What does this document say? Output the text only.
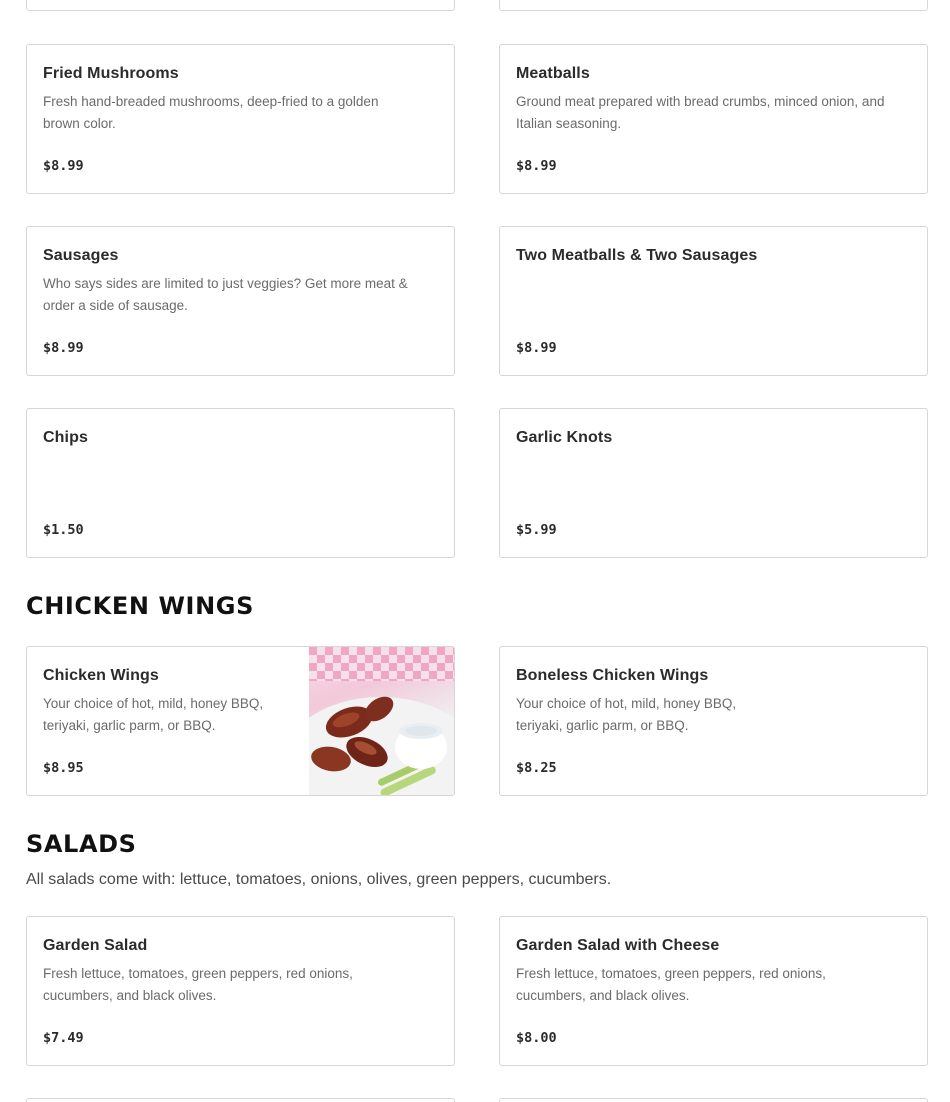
Fried Mushrooms
Fresh hand-breaded mushrooms, deep-fried to a golden brown color.
$8.99
Meatballs
Ground meat prepared with bread crumbs, minced onion, and Italian seasoning.
$8.99
Sausages
Who says sides are limited to just veggies? Get more meat & order a side of sausage.
$8.99
Two Meatballs & Two Sausages
$8.99
Chips
$1.50
Garlic Knots
$5.99
CHICKEN WINGS
Chicken Wings
Your choice of hot, mild, honey BBQ, teriyaki, garlic parm, or BBQ.
$8.95
Boneless Chicken Wings
Your choice of hot, mild, honey BBQ, teriyaki, garlic parm, or BBQ.
$8.25
SALADS

All salads come with: lettuce, tomatoes, onions, olives, green peppers, cucumbers.

Garden Salad
Fresh lettuce, tomatoes, green peppers, red onions, cucumbers, and black olives.
$7.49
Garden Salad with Cheese
Fresh lettuce, tomatoes, green peppers, red onions, cucumbers, and black olives.
$8.00
